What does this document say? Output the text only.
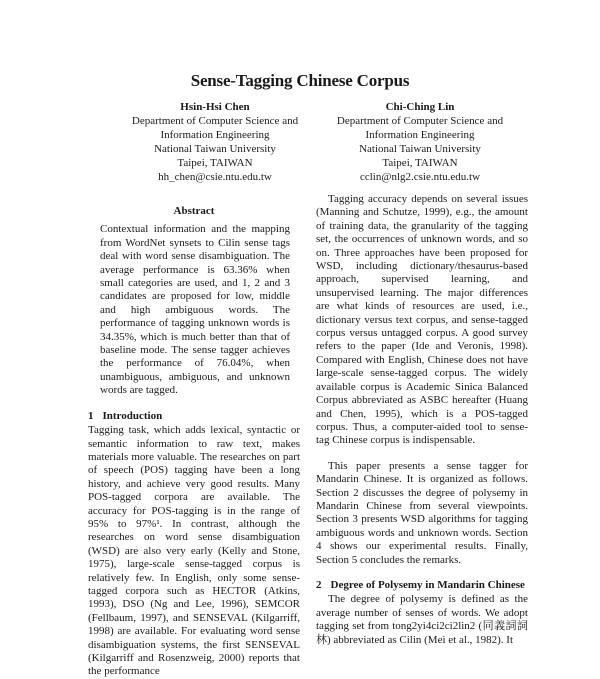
Sense-Tagging Chinese Corpus
Hsin-Hsi Chen
Department of Computer Science and
Information Engineering
National Taiwan University
Taipei, TAIWAN
hh_chen@csie.ntu.edu.tw
Chi-Ching Lin
Department of Computer Science and
Information Engineering
National Taiwan University
Taipei, TAIWAN
cclin@nlg2.csie.ntu.edu.tw
Abstract

Contextual information and the mapping from WordNet synsets to Cilin sense tags deal with word sense disambiguation. The average performance is 63.36% when small categories are used, and 1, 2 and 3 candidates are proposed for low, middle and high ambiguous words. The performance of tagging unknown words is 34.35%, which is much better than that of baseline mode. The sense tagger achieves the performance of 76.04%, when unambiguous, ambiguous, and unknown words are tagged.

1 Introduction

Tagging task, which adds lexical, syntactic or semantic information to raw text, makes materials more valuable. The researches on part of speech (POS) tagging have been a long history, and achieve very good results. Many POS-tagged corpora are available. The accuracy for POS-tagging is in the range of 95% to 97%¹. In contrast, although the researches on word sense disambiguation (WSD) are also very early (Kelly and Stone, 1975), large-scale sense-tagged corpus is relatively few. In English, only some sense-tagged corpora such as HECTOR (Atkins, 1993), DSO (Ng and Lee, 1996), SEMCOR (Fellbaum, 1997), and SENSEVAL (Kilgarriff, 1998) are available. For evaluating word sense disambiguation systems, the first SENSEVAL (Kilgarriff and Rosenzweig, 2000) reports that the performance

Tagging accuracy depends on several issues (Manning and Schutze, 1999), e.g., the amount of training data, the granularity of the tagging set, the occurrences of unknown words, and so on. Three approaches have been proposed for WSD, including dictionary/thesaurus-based approach, supervised learning, and unsupervised learning. The major differences are what kinds of resources are used, i.e., dictionary versus text corpus, and sense-tagged corpus versus untagged corpus. A good survey refers to the paper (Ide and Veronis, 1998). Compared with English, Chinese does not have large-scale sense-tagged corpus. The widely available corpus is Academic Sinica Balanced Corpus abbreviated as ASBC hereafter (Huang and Chen, 1995), which is a POS-tagged corpus. Thus, a computer-aided tool to sense-tag Chinese corpus is indispensable.

This paper presents a sense tagger for Mandarin Chinese. It is organized as follows. Section 2 discusses the degree of polysemy in Mandarin Chinese from several viewpoints. Section 3 presents WSD algorithms for tagging ambiguous words and unknown words. Section 4 shows our experimental results. Finally, Section 5 concludes the remarks.

2 Degree of Polysemy in Mandarin Chinese

The degree of polysemy is defined as the average number of senses of words. We adopt tagging set from tong2yi4ci2ci2lin2 (同義詞詞林) abbreviated as Cilin (Mei et al., 1982). It
